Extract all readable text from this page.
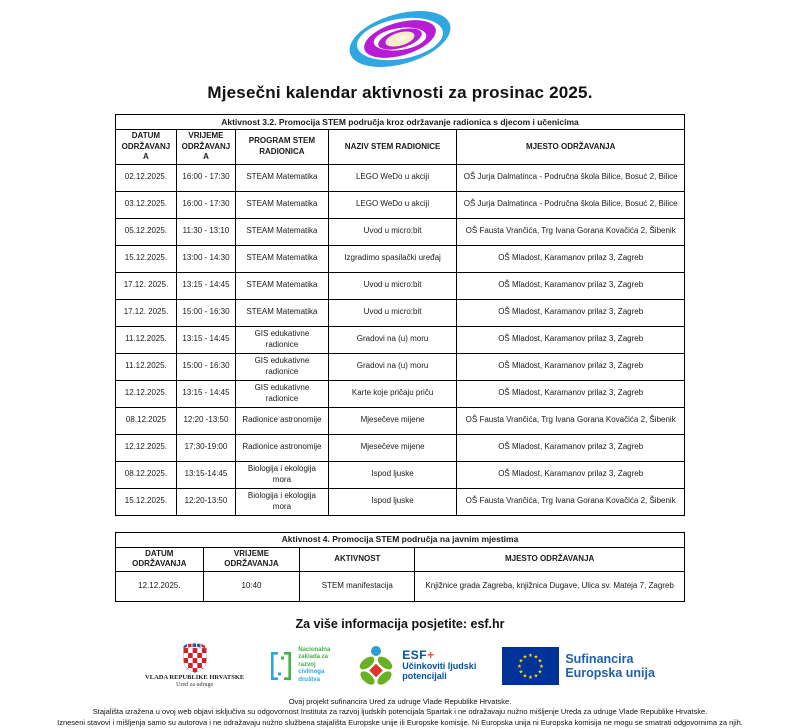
Mjesečni kalendar aktivnosti za prosinac 2025.
Aktivnost 3.2. Promocija STEM područja kroz održavanje radionica s djecom i učenicima				
DATUM ODRŽAVANJA	VRIJEME ODRŽAVANJA	PROGRAM STEM RADIONICA	NAZIV STEM RADIONICE	MJESTO ODRŽAVANJA
02.12.2025.	16:00 - 17:30	STEAM Matematika	LEGO WeDo u akciji	OŠ Jurja Dalmatinca - Područna škola Bilice, Bosuć 2, Bilice
03.12.2025.	16:00 - 17:30	STEAM Matematika	LEGO WeDo u akciji	OŠ Jurja Dalmatinca - Područna škola Bilice, Bosuć 2, Bilice
05.12.2025.	11:30 - 13:10	STEAM Matematika	Uvod u micro:bit	OŠ Fausta Vrančića, Trg Ivana Gorana Kovačića 2, Šibenik
15.12.2025.	13:00 - 14:30	STEAM Matematika	Izgradimo spasilački uređaj	OŠ Mladost, Karamanov prilaz 3, Zagreb
17.12. 2025.	13:15 - 14:45	STEAM Matematika	Uvod u micro:bit	OŠ Mladost, Karamanov prilaz 3, Zagreb
17.12. 2025.	15:00 - 16:30	STEAM Matematika	Uvod u micro:bit	OŠ Mladost, Karamanov prilaz 3, Zagreb
11.12.2025.	13:15 - 14:45	GIS edukativne radionice	Gradovi na (u) moru	OŠ Mladost, Karamanov prilaz 3, Zagreb
11.12.2025.	15:00 - 16:30	GIS edukativne radionice	Gradovi na (u) moru	OŠ Mladost, Karamanov prilaz 3, Zagreb
12.12.2025.	13:15 - 14:45	GIS edukativne radionice	Karte koje pričaju priču	OŠ Mladost, Karamanov prilaz 3, Zagreb
08.12.2025	12:20 -13:50	Radionice astronomije	Mjesečeve mijene	OŠ Fausta Vrančića, Trg Ivana Gorana Kovačića 2, Šibenik
12.12.2025.	17:30-19:00	Radionice astronomije	Mjesečeve mijene	OŠ Mladost, Karamanov prilaz 3, Zagreb
08.12.2025.	13:15-14:45	Biologija i ekologija mora	Ispod ljuske	OŠ Mladost, Karamanov prilaz 3, Zagreb
15.12.2025.	12:20-13:50	Biologija i ekologija mora	Ispod ljuske	OŠ Fausta Vrančića, Trg Ivana Gorana Kovačića 2, Šibenik
Aktivnost 4. Promocija STEM područja na javnim mjestima			
DATUM ODRŽAVANJA	VRIJEME ODRŽAVANJA	AKTIVNOST	MJESTO ODRŽAVANJA
12.12.2025.	10:40	STEM manifestacija	Knjižnice grada Zagreba, knjižnica Dugave, Ulica sv. Mateja 7, Zagreb
Za više informacija posjetite: esf.hr
VLADA REPUBLIKE HRVATSKE
Ured za udruge
Nacionalna
zaklada za
razvoj
civilnoga
društva
ESF+
Učinkoviti ljudski
potencijali
★ ★
★
★
★
★
★
★
★
★
★
★	Sufinancira
Europska unija
Ovaj projekt sufinancira Ured za udruge Vlade Republike Hrvatske.
Stajališta izražena u ovoj web objavi isključiva su odgovornost Instituta za razvoj ljudskih potencijala Spartak i ne odražavaju nužno mišljenje Ureda za udruge Vlade Republike Hrvatske.
Izneseni stavovi i mišljenja samo su autorova i ne odražavaju nužno službena stajališta Europske unije ili Europske komisije. Ni Europska unija ni Europska komisija ne mogu se smatrati odgovornima za njih.
